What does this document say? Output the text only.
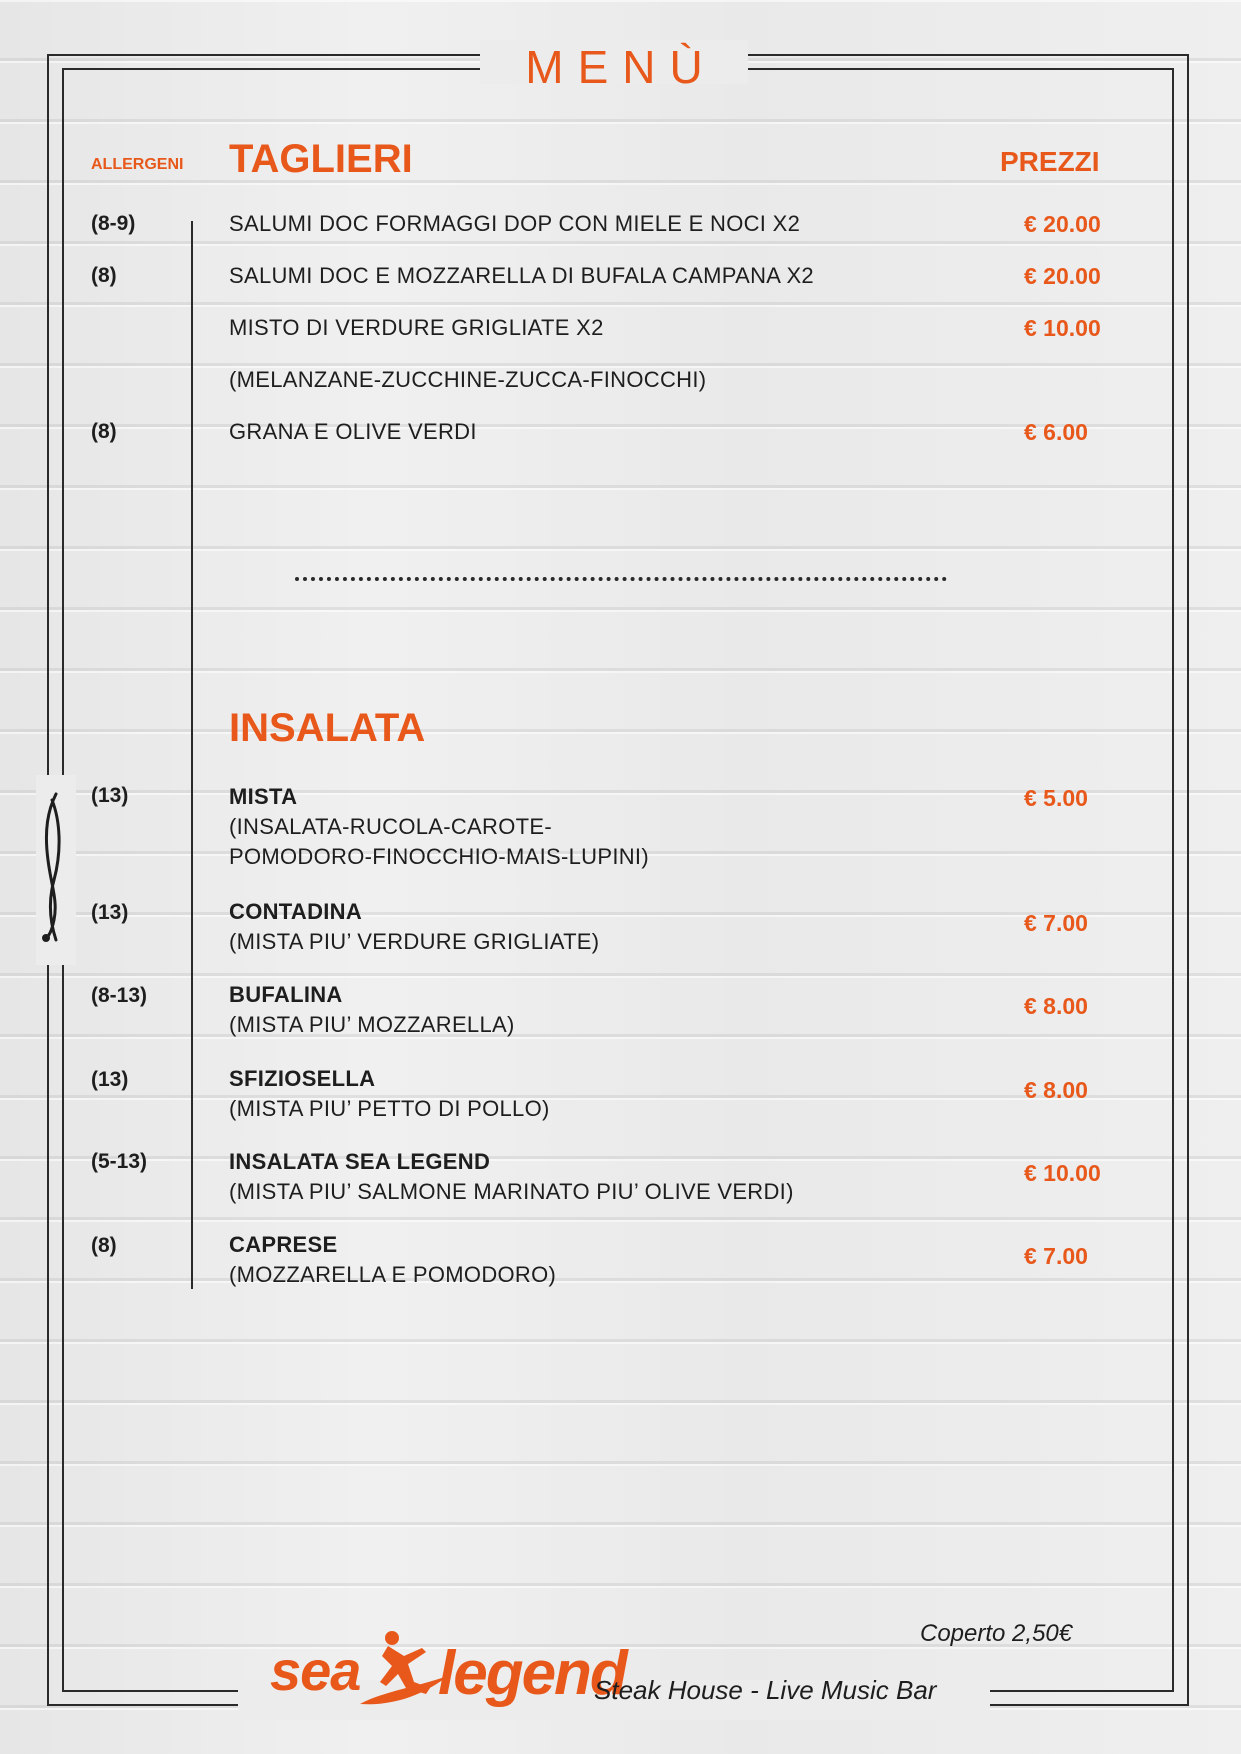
MENÙ
ALLERGENI TAGLIERI	PREZZI
(8-9)	SALUMI DOC FORMAGGI DOP CON MIELE E NOCI X2	€ 20.00
(8)	SALUMI DOC E MOZZARELLA DI BUFALA CAMPANA X2	€ 20.00
MISTO DI VERDURE GRIGLIATE X2	€ 10.00
(MELANZANE-ZUCCHINE-ZUCCA-FINOCCHI)
(8)	GRANA E OLIVE VERDI	€ 6.00
INSALATA
(13)	MISTA
(INSALATA-RUCOLA-CAROTE-
POMODORO-FINOCCHIO-MAIS-LUPINI)
€ 5.00
(13)	CONTADINA
(MISTA PIU’ VERDURE GRIGLIATE)
€ 7.00
(8-13)	BUFALINA
(MISTA PIU’ MOZZARELLA)
€ 8.00
(13)	SFIZIOSELLA
(MISTA PIU’ PETTO DI POLLO)
€ 8.00
(5-13)	INSALATA SEA LEGEND
(MISTA PIU’ SALMONE MARINATO PIU’ OLIVE VERDI)
€ 10.00
(8)	CAPRESE
(MOZZARELLA E POMODORO)
€ 7.00
Coperto 2,50€
sea legend
Steak House - Live Music Bar
